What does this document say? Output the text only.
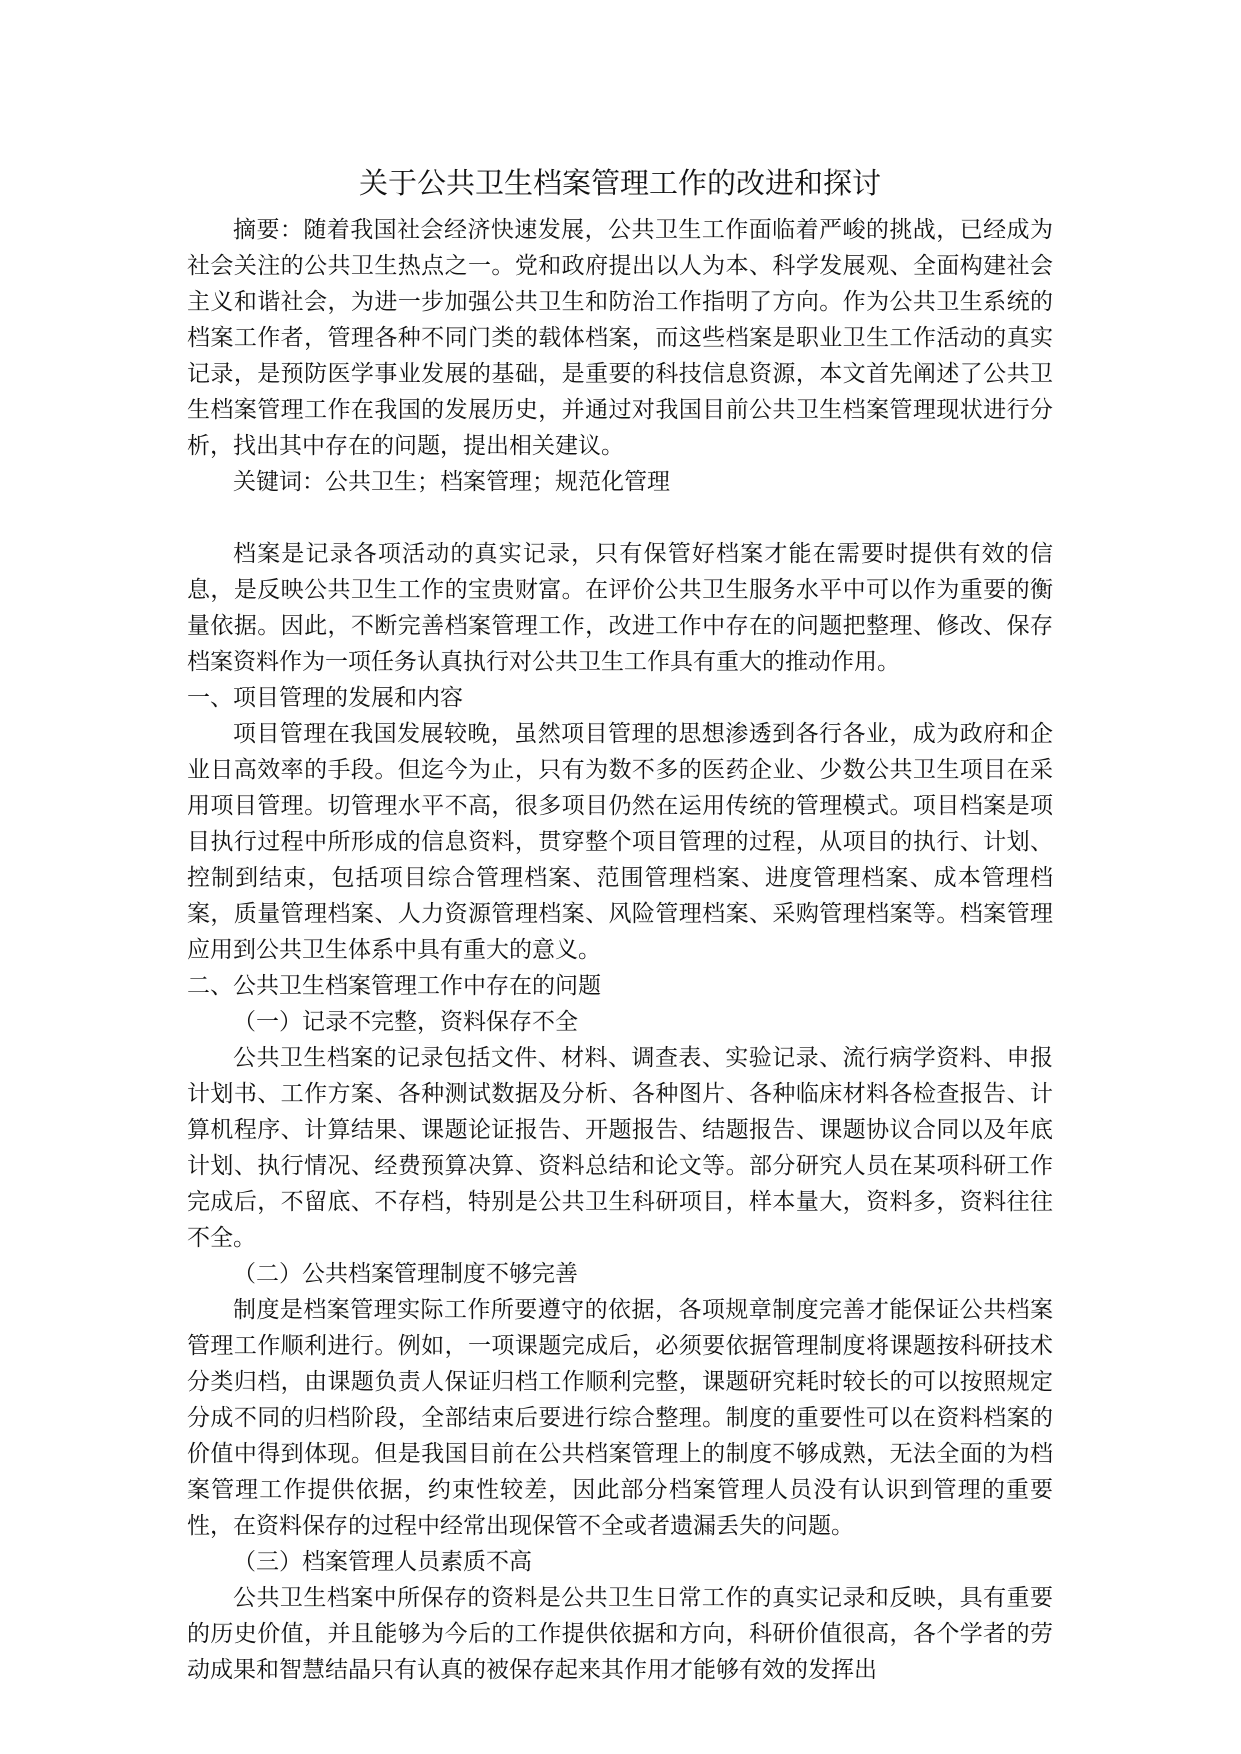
关于公共卫生档案管理工作的改进和探讨

摘要：随着我国社会经济快速发展，公共卫生工作面临着严峻的挑战，已经成为社会关注的公共卫生热点之一。党和政府提出以人为本、科学发展观、全面构建社会主义和谐社会，为进一步加强公共卫生和防治工作指明了方向。作为公共卫生系统的档案工作者，管理各种不同门类的载体档案，而这些档案是职业卫生工作活动的真实记录，是预防医学事业发展的基础，是重要的科技信息资源，本文首先阐述了公共卫生档案管理工作在我国的发展历史，并通过对我国目前公共卫生档案管理现状进行分析，找出其中存在的问题，提出相关建议。

关键词：公共卫生；档案管理；规范化管理

档案是记录各项活动的真实记录，只有保管好档案才能在需要时提供有效的信息，是反映公共卫生工作的宝贵财富。在评价公共卫生服务水平中可以作为重要的衡量依据。因此，不断完善档案管理工作，改进工作中存在的问题把整理、修改、保存档案资料作为一项任务认真执行对公共卫生工作具有重大的推动作用。

一、项目管理的发展和内容

项目管理在我国发展较晚，虽然项目管理的思想渗透到各行各业，成为政府和企业日高效率的手段。但迄今为止，只有为数不多的医药企业、少数公共卫生项目在采用项目管理。切管理水平不高，很多项目仍然在运用传统的管理模式。项目档案是项目执行过程中所形成的信息资料，贯穿整个项目管理的过程，从项目的执行、计划、控制到结束，包括项目综合管理档案、范围管理档案、进度管理档案、成本管理档案，质量管理档案、人力资源管理档案、风险管理档案、采购管理档案等。档案管理应用到公共卫生体系中具有重大的意义。

二、公共卫生档案管理工作中存在的问题
（一）记录不完整，资料保存不全

公共卫生档案的记录包括文件、材料、调查表、实验记录、流行病学资料、申报计划书、工作方案、各种测试数据及分析、各种图片、各种临床材料各检查报告、计算机程序、计算结果、课题论证报告、开题报告、结题报告、课题协议合同以及年底计划、执行情况、经费预算决算、资料总结和论文等。部分研究人员在某项科研工作完成后，不留底、不存档，特别是公共卫生科研项目，样本量大，资料多，资料往往不全。

（二）公共档案管理制度不够完善

制度是档案管理实际工作所要遵守的依据，各项规章制度完善才能保证公共档案管理工作顺利进行。例如，一项课题完成后，必须要依据管理制度将课题按科研技术分类归档，由课题负责人保证归档工作顺利完整，课题研究耗时较长的可以按照规定分成不同的归档阶段，全部结束后要进行综合整理。制度的重要性可以在资料档案的价值中得到体现。但是我国目前在公共档案管理上的制度不够成熟，无法全面的为档案管理工作提供依据，约束性较差，因此部分档案管理人员没有认识到管理的重要性，在资料保存的过程中经常出现保管不全或者遗漏丢失的问题。

（三）档案管理人员素质不高

公共卫生档案中所保存的资料是公共卫生日常工作的真实记录和反映，具有重要的历史价值，并且能够为今后的工作提供依据和方向，科研价值很高，各个学者的劳动成果和智慧结晶只有认真的被保存起来其作用才能够有效的发挥出
